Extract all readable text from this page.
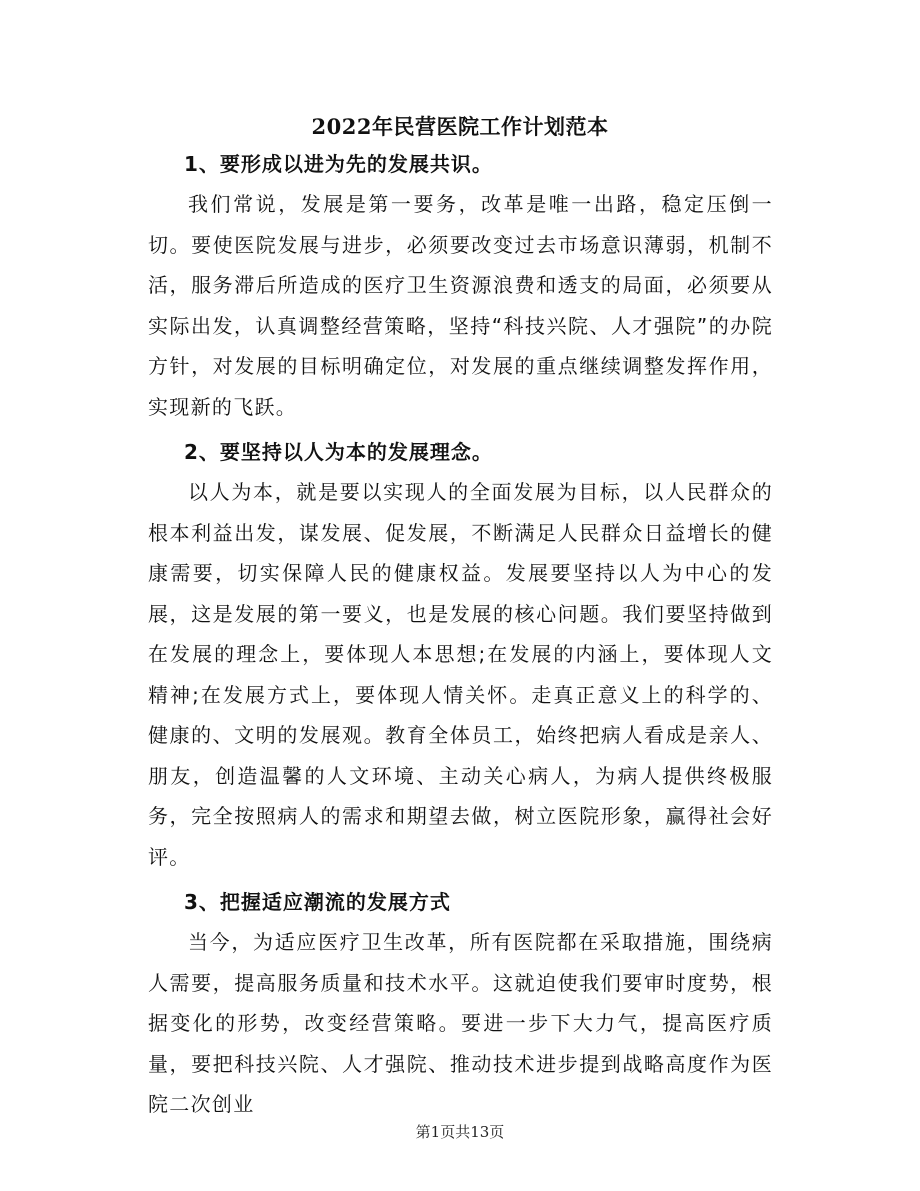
2022年民营医院工作计划范本

1、要形成以进为先的发展共识。

我们常说，发展是第一要务，改革是唯一出路，稳定压倒一切。要使医院发展与进步，必须要改变过去市场意识薄弱，机制不活，服务滞后所造成的医疗卫生资源浪费和透支的局面，必须要从实际出发，认真调整经营策略，坚持“科技兴院、人才强院”的办院方针，对发展的目标明确定位，对发展的重点继续调整发挥作用，实现新的飞跃。

2、要坚持以人为本的发展理念。

以人为本，就是要以实现人的全面发展为目标，以人民群众的根本利益出发，谋发展、促发展，不断满足人民群众日益增长的健康需要，切实保障人民的健康权益。发展要坚持以人为中心的发展，这是发展的第一要义，也是发展的核心问题。我们要坚持做到在发展的理念上，要体现人本思想;在发展的内涵上，要体现人文精神;在发展方式上，要体现人情关怀。走真正意义上的科学的、健康的、文明的发展观。教育全体员工，始终把病人看成是亲人、朋友，创造温馨的人文环境、主动关心病人，为病人提供终极服务，完全按照病人的需求和期望去做，树立医院形象，赢得社会好评。

3、把握适应潮流的发展方式

当今，为适应医疗卫生改革，所有医院都在采取措施，围绕病人需要，提高服务质量和技术水平。这就迫使我们要审时度势，根据变化的形势，改变经营策略。要进一步下大力气，提高医疗质量，要把科技兴院、人才强院、推动技术进步提到战略高度作为医院二次创业

第1页共13页
